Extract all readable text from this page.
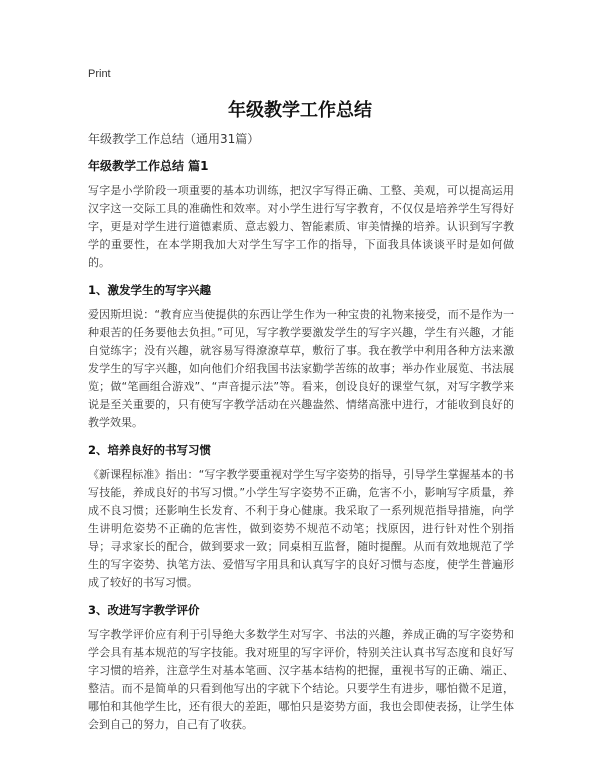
Print
年级教学工作总结
年级教学工作总结（通用31篇）
年级教学工作总结 篇1

写字是小学阶段一项重要的基本功训练，把汉字写得正确、工整、美观，可以提高运用汉字这一交际工具的准确性和效率。对小学生进行写字教育，不仅仅是培养学生写得好字，更是对学生进行道德素质、意志毅力、智能素质、审美情操的培养。认识到写字教学的重要性，在本学期我加大对学生写字工作的指导，下面我具体谈谈平时是如何做的。

1、激发学生的写字兴趣

爱因斯坦说：“教育应当使提供的东西让学生作为一种宝贵的礼物来接受，而不是作为一种艰苦的任务要他去负担。”可见，写字教学要激发学生的写字兴趣，学生有兴趣，才能自觉练字；没有兴趣，就容易写得潦潦草草，敷衍了事。我在教学中利用各种方法来激发学生的写字兴趣，如向他们介绍我国书法家勤学苦练的故事；举办作业展览、书法展览；做“笔画组合游戏”、“声音提示法”等。看来，创设良好的课堂气氛，对写字教学来说是至关重要的，只有使写字教学活动在兴趣盎然、情绪高涨中进行，才能收到良好的教学效果。

2、培养良好的书写习惯

《新课程标准》指出：“写字教学要重视对学生写字姿势的指导，引导学生掌握基本的书写技能，养成良好的书写习惯。”小学生写字姿势不正确，危害不小，影响写字质量，养成不良习惯；还影响生长发育、不利于身心健康。我采取了一系列规范指导措施，向学生讲明危姿势不正确的危害性，做到姿势不规范不动笔；找原因，进行针对性个别指导；寻求家长的配合，做到要求一致；同桌相互监督，随时提醒。从而有效地规范了学生的写字姿势、执笔方法、爱惜写字用具和认真写字的良好习惯与态度，使学生普遍形成了较好的书写习惯。

3、改进写字教学评价

写字教学评价应有利于引导绝大多数学生对写字、书法的兴趣，养成正确的写字姿势和学会具有基本规范的写字技能。我对班里的写字评价，特别关注认真书写态度和良好写字习惯的培养，注意学生对基本笔画、汉字基本结构的把握，重视书写的正确、端正、整洁。而不是简单的只看到他写出的字就下个结论。只要学生有进步，哪怕微不足道，哪怕和其他学生比，还有很大的差距，哪怕只是姿势方面，我也会即使表扬，让学生体会到自己的努力，自己有了收获。
